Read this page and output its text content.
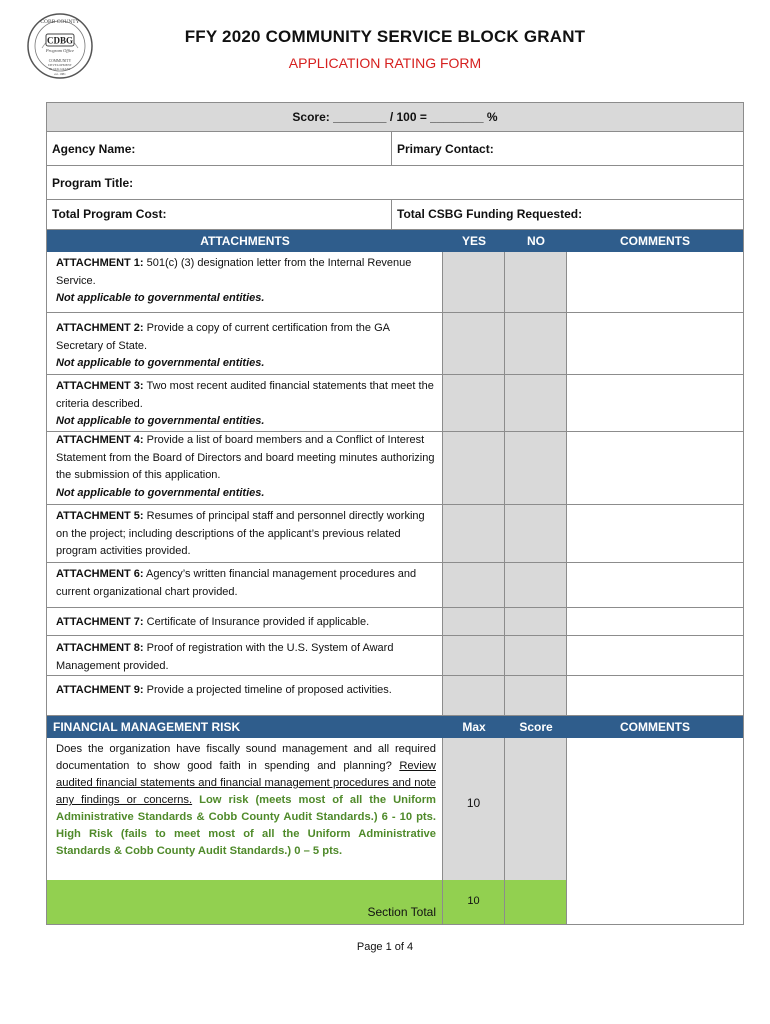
CDBG
Program Office
COBB COUNTY
COMMUNITY
DEVELOPMENT
BLOCK GRANT
est. 1981
FFY 2020 COMMUNITY SERVICE BLOCK GRANT
APPLICATION RATING FORM
Score: ________ / 100 = ________ %
Agency Name:	Primary Contact:
Program Title:
Total Program Cost:	Total CSBG Funding Requested:
ATTACHMENTS	YES	NO	COMMENTS
ATTACHMENT 1: 501(c) (3) designation letter from the Internal Revenue Service.
Not applicable to governmental entities.
ATTACHMENT 2: Provide a copy of current certification from the GA Secretary of State.
Not applicable to governmental entities.
ATTACHMENT 3: Two most recent audited financial statements that meet the criteria described.
Not applicable to governmental entities.
ATTACHMENT 4: Provide a list of board members and a Conflict of Interest Statement from the Board of Directors and board meeting minutes authorizing the submission of this application.
Not applicable to governmental entities.
ATTACHMENT 5: Resumes of principal staff and personnel directly working on the project; including descriptions of the applicant’s previous related program activities provided.
ATTACHMENT 6: Agency’s written financial management procedures and current organizational chart provided.
ATTACHMENT 7: Certificate of Insurance provided if applicable.
ATTACHMENT 8: Proof of registration with the U.S. System of Award Management provided.
ATTACHMENT 9: Provide a projected timeline of proposed activities.
FINANCIAL MANAGEMENT RISK	Max	Score	COMMENTS
Does the organization have fiscally sound management and all required documentation to show good faith in spending and planning? Review audited financial statements and financial management procedures and note any findings or concerns. Low risk (meets most of all the Uniform Administrative Standards & Cobb County Audit Standards.) 6 - 10 pts. High Risk (fails to meet most of all the Uniform Administrative Standards & Cobb County Audit Standards.) 0 – 5 pts.
10
Section Total
10
Page 1 of 4
